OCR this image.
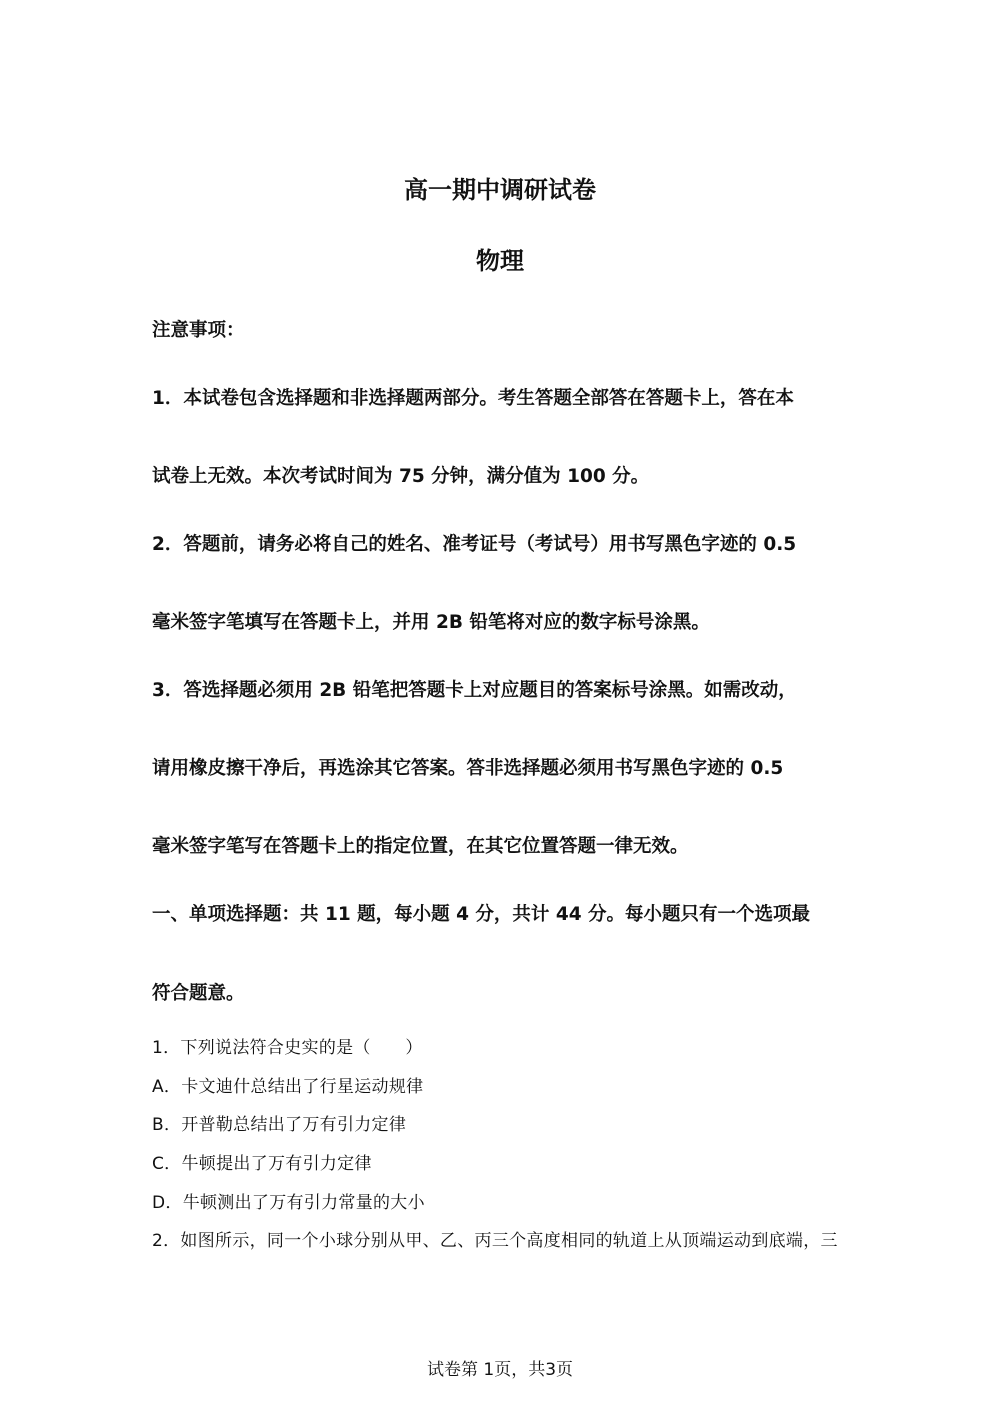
高一期中调研试卷
物理
注意事项：
1．本试卷包含选择题和非选择题两部分。考生答题全部答在答题卡上，答在本
试卷上无效。本次考试时间为 75 分钟，满分值为 100 分。
2．答题前，请务必将自己的姓名、准考证号（考试号）用书写黑色字迹的 0.5
毫米签字笔填写在答题卡上，并用 2B 铅笔将对应的数字标号涂黑。
3．答选择题必须用 2B 铅笔把答题卡上对应题目的答案标号涂黑。如需改动，
请用橡皮擦干净后，再选涂其它答案。答非选择题必须用书写黑色字迹的 0.5
毫米签字笔写在答题卡上的指定位置，在其它位置答题一律无效。
一、单项选择题：共 11 题，每小题 4 分，共计 44 分。每小题只有一个选项最
符合题意。
1．下列说法符合史实的是（　　）
A．卡文迪什总结出了行星运动规律
B．开普勒总结出了万有引力定律
C．牛顿提出了万有引力定律
D．牛顿测出了万有引力常量的大小
2．如图所示，同一个小球分别从甲、乙、丙三个高度相同的轨道上从顶端运动到底端，三
试卷第 1页，共3页
